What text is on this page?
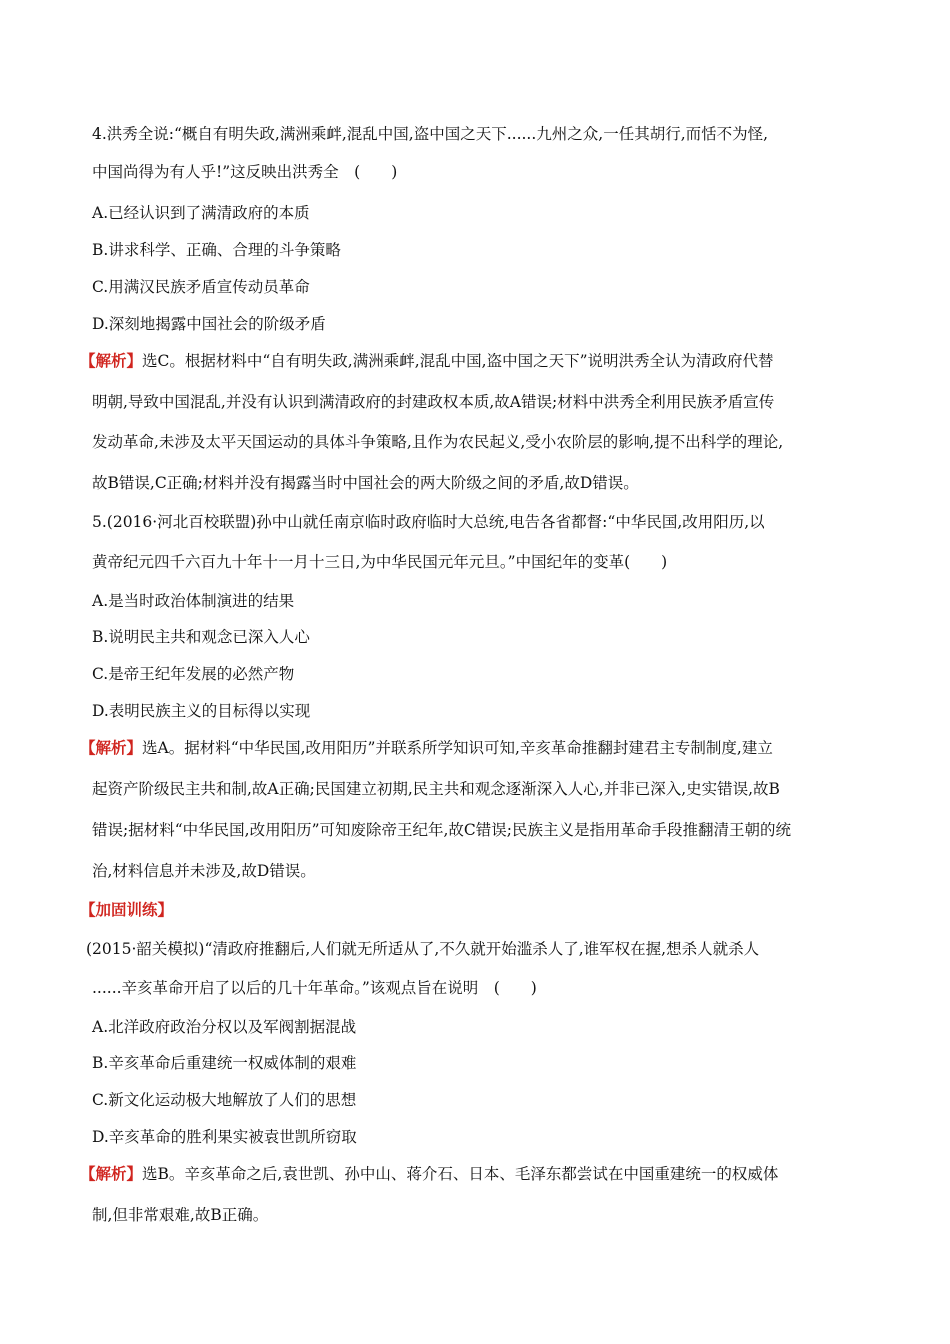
4.洪秀全说:“概自有明失政,满洲乘衅,混乱中国,盗中国之天下......九州之众,一任其胡行,而恬不为怪,
中国尚得为有人乎!”这反映出洪秀全　(　　)
A.已经认识到了满清政府的本质
B.讲求科学、正确、合理的斗争策略
C.用满汉民族矛盾宣传动员革命
D.深刻地揭露中国社会的阶级矛盾
【解析】选C。根据材料中“自有明失政,满洲乘衅,混乱中国,盗中国之天下”说明洪秀全认为清政府代替
明朝,导致中国混乱,并没有认识到满清政府的封建政权本质,故A错误;材料中洪秀全利用民族矛盾宣传
发动革命,未涉及太平天国运动的具体斗争策略,且作为农民起义,受小农阶层的影响,提不出科学的理论,
故B错误,C正确;材料并没有揭露当时中国社会的两大阶级之间的矛盾,故D错误。
5.(2016·河北百校联盟)孙中山就任南京临时政府临时大总统,电告各省都督:“中华民国,改用阳历,以
黄帝纪元四千六百九十年十一月十三日,为中华民国元年元旦。”中国纪年的变革(　　)
A.是当时政治体制演进的结果
B.说明民主共和观念已深入人心
C.是帝王纪年发展的必然产物
D.表明民族主义的目标得以实现
【解析】选A。据材料“中华民国,改用阳历”并联系所学知识可知,辛亥革命推翻封建君主专制制度,建立
起资产阶级民主共和制,故A正确;民国建立初期,民主共和观念逐渐深入人心,并非已深入,史实错误,故B
错误;据材料“中华民国,改用阳历”可知废除帝王纪年,故C错误;民族主义是指用革命手段推翻清王朝的统
治,材料信息并未涉及,故D错误。
【加固训练】
(2015·韶关模拟)“清政府推翻后,人们就无所适从了,不久就开始滥杀人了,谁军权在握,想杀人就杀人
......辛亥革命开启了以后的几十年革命。”该观点旨在说明　(　　)
A.北洋政府政治分权以及军阀割据混战
B.辛亥革命后重建统一权威体制的艰难
C.新文化运动极大地解放了人们的思想
D.辛亥革命的胜利果实被袁世凯所窃取
【解析】选B。辛亥革命之后,袁世凯、孙中山、蒋介石、日本、毛泽东都尝试在中国重建统一的权威体
制,但非常艰难,故B正确。
